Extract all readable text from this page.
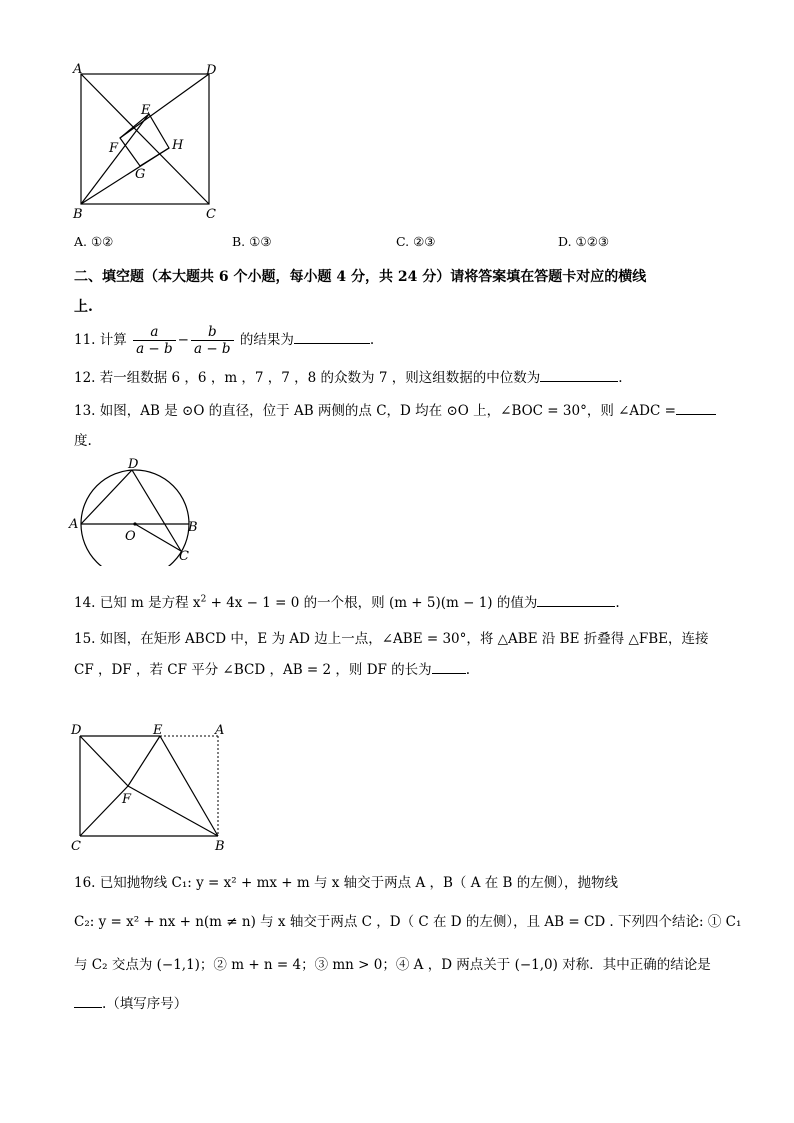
A	D
E
F	H
G
B	C
A. ①②	B. ①③	C. ②③	D. ①②③
二、填空题（本大题共 6 个小题，每小题 4 分，共 24 分）请将答案填在答题卡对应的横线
上.
11. 计算 $\frac{a}{a - b} - \frac{b}{a - b}$ 的结果为	.
12. 若一组数据 6 ，6 ，m ，7 ，7 ，8 的众数为 7 ，则这组数据的中位数为	.
13. 如图，AB 是 ⊙O 的直径，位于 AB 两侧的点 C，D 均在 ⊙O 上，∠BOC = 30°，则 ∠ADC =
度.
D
A	B
O
C
14. 已知 m 是方程 $x^2 + 4x - 1 = 0$ 的一个根，则 (m + 5)(m − 1) 的值为	.
15. 如图，在矩形 ABCD 中，E 为 AD 边上一点，∠ABE = 30°，将 △ABE 沿 BE 折叠得 △FBE，连接
CF ，DF ，若 CF 平分 ∠BCD ，AB = 2 ，则 DF 的长为	.
D	E	A
F
C	B
16. 已知抛物线 C₁: y = x² + mx + m 与 x 轴交于两点 A ，B（ A 在 B 的左侧），抛物线
C₂: y = x² + nx + n(m ≠ n) 与 x 轴交于两点 C ，D（ C 在 D 的左侧），且 AB = CD . 下列四个结论: ① C₁
与 C₂ 交点为 (−1,1)；② m + n = 4；③ mn > 0；④ A ，D 两点关于 (−1,0) 对称．其中正确的结论是
.（填写序号）
